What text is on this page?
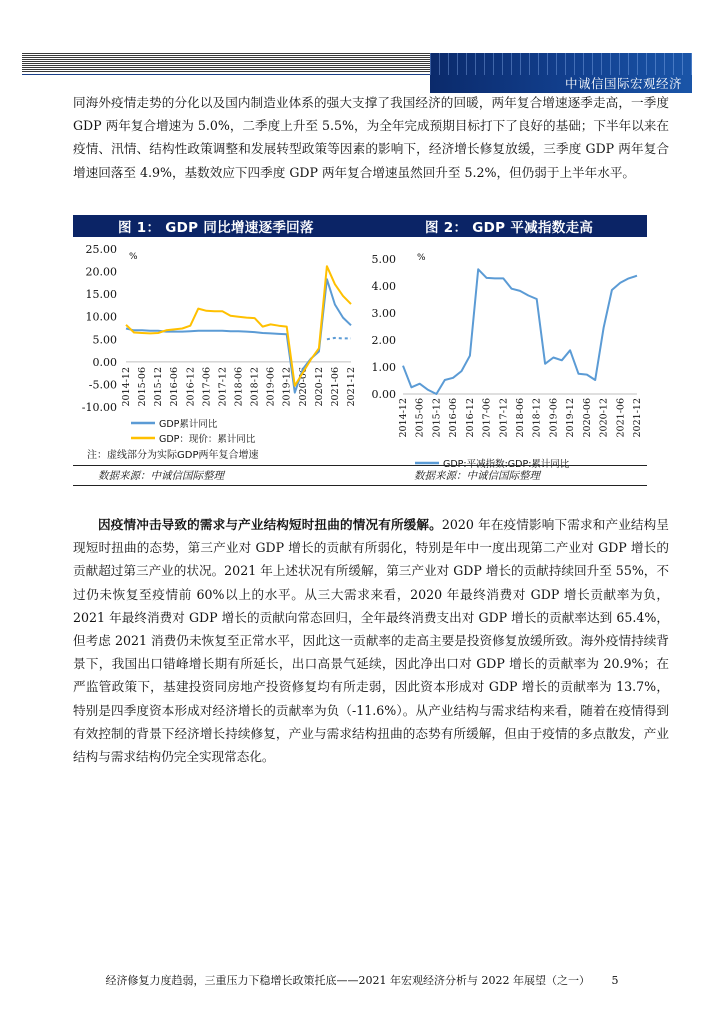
中诚信国际宏观经济

同海外疫情走势的分化以及国内制造业体系的强大支撑了我国经济的回暖，两年复合增速逐季走高，一季度 GDP 两年复合增速为 5.0%，二季度上升至 5.5%，为全年完成预期目标打下了良好的基础；下半年以来在疫情、汛情、结构性政策调整和发展转型政策等因素的影响下，经济增长修复放缓，三季度 GDP 两年复合增速回落至 4.9%，基数效应下四季度 GDP 两年复合增速虽然回升至 5.2%，但仍弱于上半年水平。

图 1： GDP 同比增速逐季回落	图 2： GDP 平减指数走高
25.00
20.00
15.00
10.00
5.00
0.00
-5.00
-10.00
%
2014-12 2015-06 2015-12 2016-06 2016-12 2017-06 2017-12 2018-06 2018-12 2019-06 2019-12 2020-06 2020-12 2021-06 2021-12
GDP累计同比
GDP：现价：累计同比
5.00
4.00
3.00
2.00
1.00
0.00
%
2014-12 2015-06 2015-12 2016-06 2016-12 2017-06 2017-12 2018-06 2018-12 2019-06 2019-12 2020-06 2020-12 2021-06 2021-12
注：虚线部分为实际GDP两年复合增速
数据来源：中诚信国际整理	数据来源：中诚信国际整理

因疫情冲击导致的需求与产业结构短时扭曲的情况有所缓解。2020 年在疫情影响下需求和产业结构呈现短时扭曲的态势，第三产业对 GDP 增长的贡献有所弱化，特别是年中一度出现第二产业对 GDP 增长的贡献超过第三产业的状况。2021 年上述状况有所缓解，第三产业对 GDP 增长的贡献持续回升至 55%，不过仍未恢复至疫情前 60%以上的水平。从三大需求来看，2020 年最终消费对 GDP 增长贡献率为负，2021 年最终消费对 GDP 增长的贡献向常态回归，全年最终消费支出对 GDP 增长的贡献率达到 65.4%，但考虑 2021 消费仍未恢复至正常水平，因此这一贡献率的走高主要是投资修复放缓所致。海外疫情持续背景下，我国出口错峰增长期有所延长，出口高景气延续，因此净出口对 GDP 增长的贡献率为 20.9%；在严监管政策下，基建投资同房地产投资修复均有所走弱，因此资本形成对 GDP 增长的贡献率为 13.7%，特别是四季度资本形成对经济增长的贡献率为负（-11.6%）。从产业结构与需求结构来看，随着在疫情得到有效控制的背景下经济增长持续修复，产业与需求结构扭曲的态势有所缓解，但由于疫情的多点散发，产业结构与需求结构仍完全实现常态化。

经济修复力度趋弱，三重压力下稳增长政策托底——2021 年宏观经济分析与 2022 年展望（之一） 5
